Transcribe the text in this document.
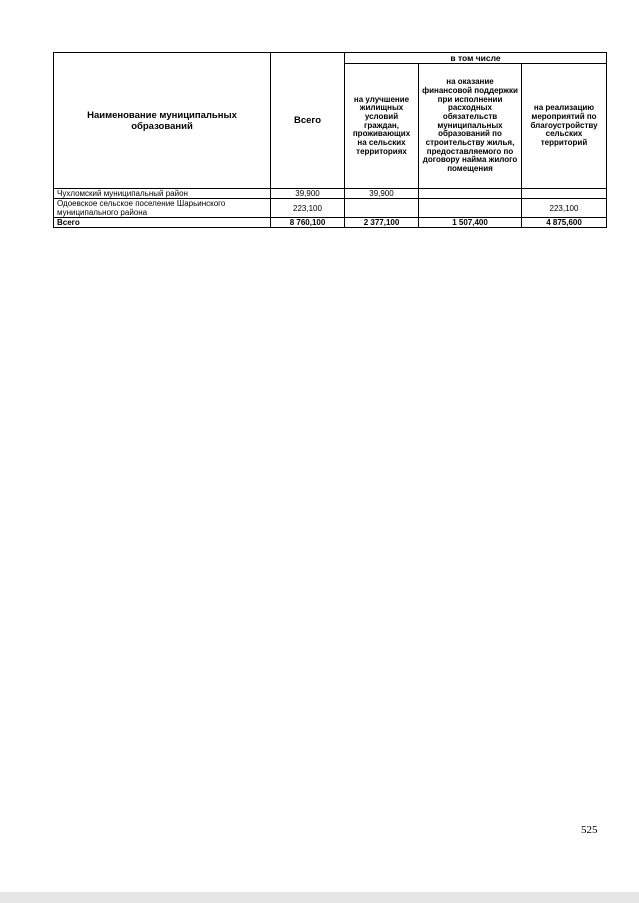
Наименование муниципальных образований	Всего	в том числе		
		на улучшение жилищных условий граждан, проживающих на сельских территориях	на оказание финансовой поддержки при исполнении расходных обязательств муниципальных образований по строительству жилья, предоставляемого по договору найма жилого помещения	на реализацию мероприятий по благоустройству сельских территорий
Чухломский муниципальный район	39,900	39,900		
Одоевское сельское поселение Шарьинского муниципального района	223,100			223,100
Всего	8 760,100	2 377,100	1 507,400	4 875,600
525
